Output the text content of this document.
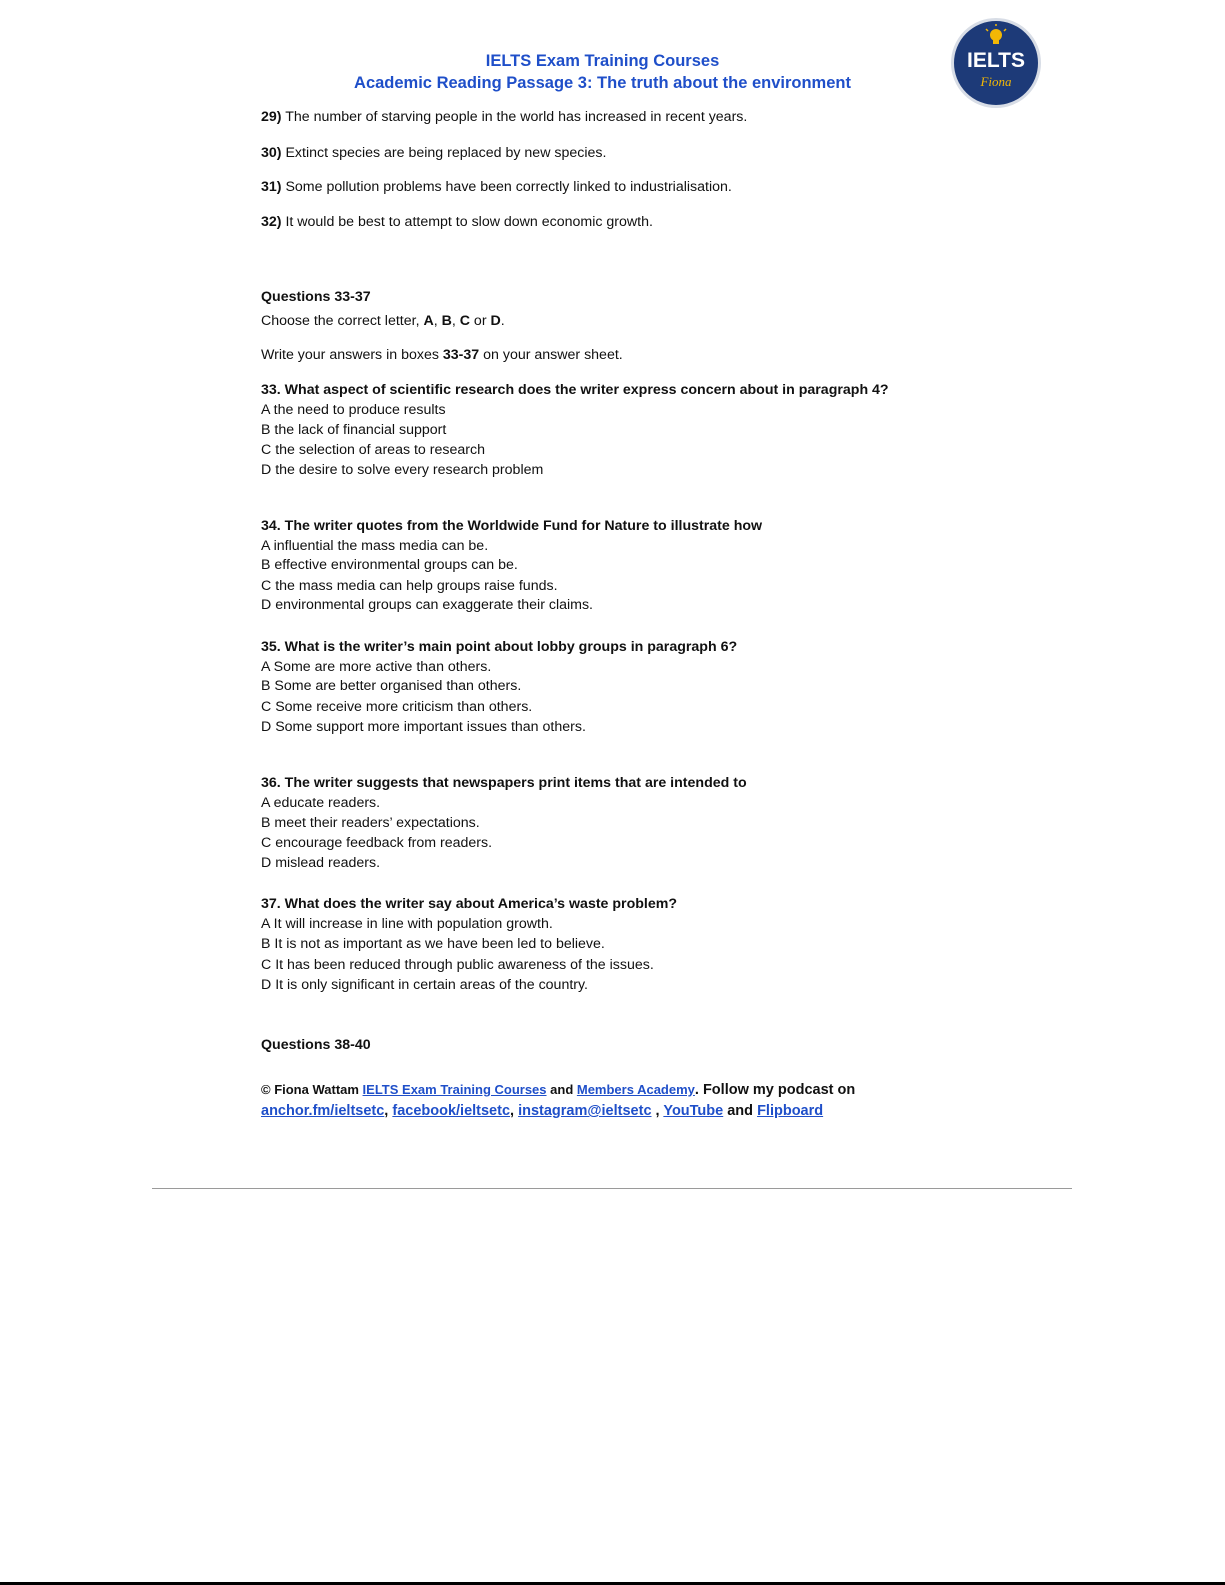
IELTS Exam Training Courses
Academic Reading Passage 3: The truth about the environment
IELTS
Fiona
29) The number of starving people in the world has increased in recent years.
30) Extinct species are being replaced by new species.
31) Some pollution problems have been correctly linked to industrialisation.
32) It would be best to attempt to slow down economic growth.
Questions 33-37
Choose the correct letter, A, B, C or D.
Write your answers in boxes 33-37 on your answer sheet.
33. What aspect of scientific research does the writer express concern about in paragraph 4?
A the need to produce results
B the lack of financial support
C the selection of areas to research
D the desire to solve every research problem
34. The writer quotes from the Worldwide Fund for Nature to illustrate how
A influential the mass media can be.
B effective environmental groups can be.
C the mass media can help groups raise funds.
D environmental groups can exaggerate their claims.
35. What is the writer’s main point about lobby groups in paragraph 6?
A Some are more active than others.
B Some are better organised than others.
C Some receive more criticism than others.
D Some support more important issues than others.
36. The writer suggests that newspapers print items that are intended to
A educate readers.
B meet their readers’ expectations.
C encourage feedback from readers.
D mislead readers.
37. What does the writer say about America’s waste problem?
A It will increase in line with population growth.
B It is not as important as we have been led to believe.
C It has been reduced through public awareness of the issues.
D It is only significant in certain areas of the country.
Questions 38-40
© Fiona Wattam IELTS Exam Training Courses and Members Academy. Follow my podcast on
anchor.fm/ieltsetc, facebook/ieltsetc, instagram@ieltsetc , YouTube and Flipboard
